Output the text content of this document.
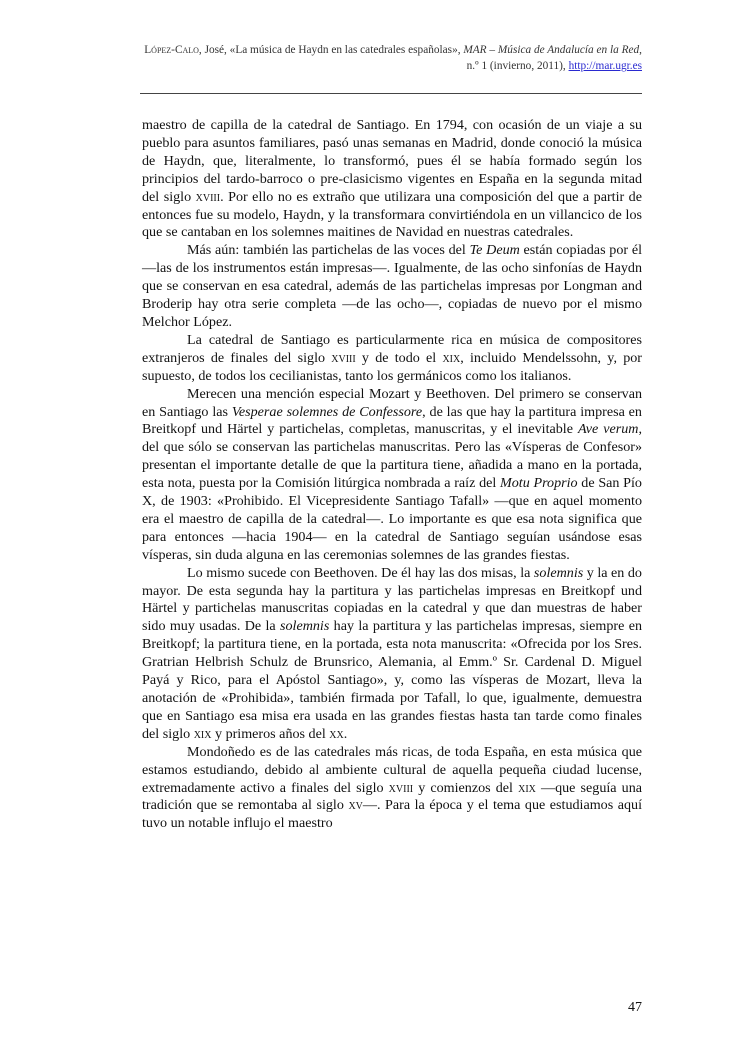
López-Calo, José, «La música de Haydn en las catedrales españolas», MAR – Música de Andalucía en la Red, n.º 1 (invierno, 2011), http://mar.ugr.es

maestro de capilla de la catedral de Santiago. En 1794, con ocasión de un viaje a su pueblo para asuntos familiares, pasó unas semanas en Madrid, donde conoció la música de Haydn, que, literalmente, lo transformó, pues él se había formado según los principios del tardo-barroco o pre-clasicismo vigentes en España en la segunda mitad del siglo xviii. Por ello no es extraño que utilizara una composición del que a partir de entonces fue su modelo, Haydn, y la transformara convirtiéndola en un villancico de los que se cantaban en los solemnes maitines de Navidad en nuestras catedrales.

Más aún: también las partichelas de las voces del Te Deum están copiadas por él —las de los instrumentos están impresas—. Igualmente, de las ocho sinfonías de Haydn que se conservan en esa catedral, además de las partichelas impresas por Longman and Broderip hay otra serie completa —de las ocho—, copiadas de nuevo por el mismo Melchor López.

La catedral de Santiago es particularmente rica en música de compositores extranjeros de finales del siglo xviii y de todo el xix, incluido Mendelssohn, y, por supuesto, de todos los cecilianistas, tanto los germánicos como los italianos.

Merecen una mención especial Mozart y Beethoven. Del primero se conservan en Santiago las Vesperae solemnes de Confessore, de las que hay la partitura impresa en Breitkopf und Härtel y partichelas, completas, manuscritas, y el inevitable Ave verum, del que sólo se conservan las partichelas manuscritas. Pero las «Vísperas de Confesor» presentan el importante detalle de que la partitura tiene, añadida a mano en la portada, esta nota, puesta por la Comisión litúrgica nombrada a raíz del Motu Proprio de San Pío X, de 1903: «Prohibido. El Vicepresidente Santiago Tafall» —que en aquel momento era el maestro de capilla de la catedral—. Lo importante es que esa nota significa que para entonces —hacia 1904— en la catedral de Santiago seguían usándose esas vísperas, sin duda alguna en las ceremonias solemnes de las grandes fiestas.

Lo mismo sucede con Beethoven. De él hay las dos misas, la solemnis y la en do mayor. De esta segunda hay la partitura y las partichelas impresas en Breitkopf und Härtel y partichelas manuscritas copiadas en la catedral y que dan muestras de haber sido muy usadas. De la solemnis hay la partitura y las partichelas impresas, siempre en Breitkopf; la partitura tiene, en la portada, esta nota manuscrita: «Ofrecida por los Sres. Gratrian Helbrish Schulz de Brunsrico, Alemania, al Emm.º Sr. Cardenal D. Miguel Payá y Rico, para el Apóstol Santiago», y, como las vísperas de Mozart, lleva la anotación de «Prohibida», también firmada por Tafall, lo que, igualmente, demuestra que en Santiago esa misa era usada en las grandes fiestas hasta tan tarde como finales del siglo xix y primeros años del xx.

Mondoñedo es de las catedrales más ricas, de toda España, en esta música que estamos estudiando, debido al ambiente cultural de aquella pequeña ciudad lucense, extremadamente activo a finales del siglo xviii y comienzos del xix —que seguía una tradición que se remontaba al siglo xv—. Para la época y el tema que estudiamos aquí tuvo un notable influjo el maestro

47
